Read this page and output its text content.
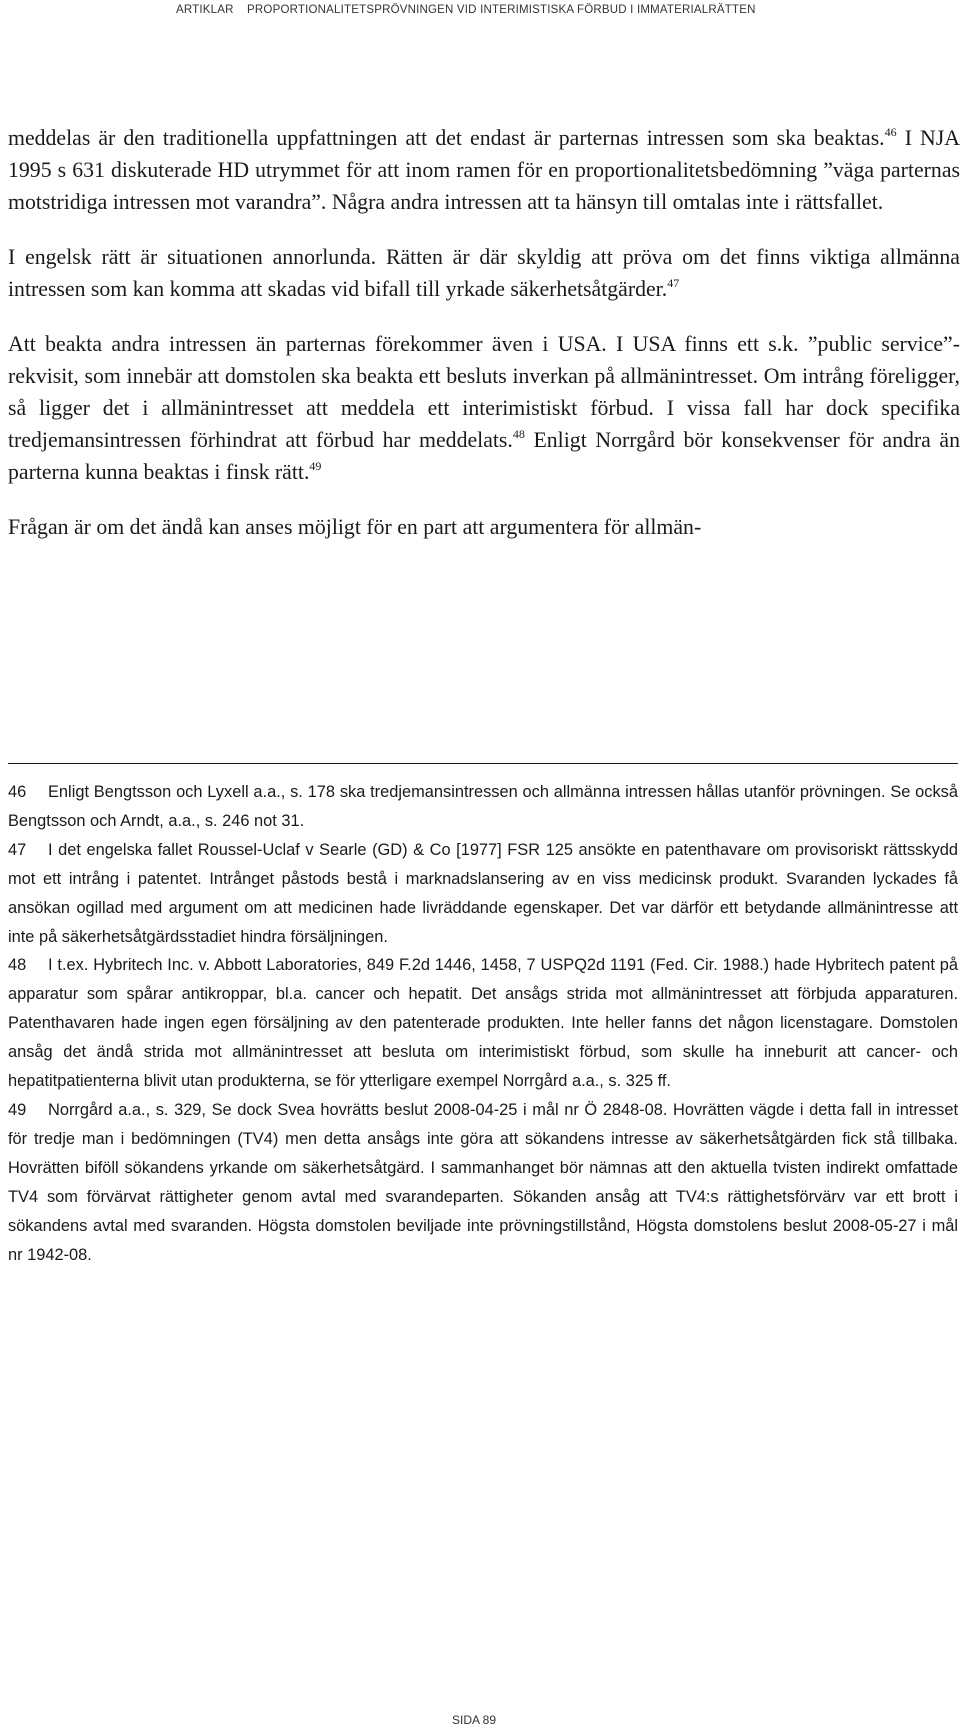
ARTIKLAR PROPORTIONALITETSPRÖVNINGEN VID INTERIMISTISKA FÖRBUD I IMMATERIALRÄTTEN

meddelas är den traditionella uppfattningen att det endast är parternas intressen som ska beaktas.$^{46}$ I NJA 1995 s 631 diskuterade HD utrymmet för att inom ramen för en proportionalitetsbedömning ”väga parternas motstridiga intressen mot varandra”. Några andra intressen att ta hänsyn till omtalas inte i rättsfallet.

I engelsk rätt är situationen annorlunda. Rätten är där skyldig att pröva om det finns viktiga allmänna intressen som kan komma att skadas vid bifall till yrkade säkerhetsåtgärder.$^{47}$

Att beakta andra intressen än parternas förekommer även i USA. I USA finns ett s.k. ”public service”-rekvisit, som innebär att domstolen ska beakta ett besluts inverkan på allmänintresset. Om intrång föreligger, så ligger det i allmänintresset att meddela ett interimistiskt förbud. I vissa fall har dock specifika tredjemansintressen förhindrat att förbud har meddelats.$^{48}$ Enligt Norrgård bör konsekvenser för andra än parterna kunna beaktas i finsk rätt.$^{49}$

Frågan är om det ändå kan anses möjligt för en part att argumentera för allmän-

46 Enligt Bengtsson och Lyxell a.a., s. 178 ska tredjemansintressen och allmänna intressen hållas utanför prövningen. Se också Bengtsson och Arndt, a.a., s. 246 not 31.

47 I det engelska fallet Roussel-Uclaf v Searle (GD) & Co [1977] FSR 125 ansökte en patenthavare om provisoriskt rättsskydd mot ett intrång i patentet. Intrånget påstods bestå i marknadslansering av en viss medicinsk produkt. Svaranden lyckades få ansökan ogillad med argument om att medicinen hade livräddande egenskaper. Det var därför ett betydande allmänintresse att inte på säkerhetsåtgärdsstadiet hindra försäljningen.

48 I t.ex. Hybritech Inc. v. Abbott Laboratories, 849 F.2d 1446, 1458, 7 USPQ2d 1191 (Fed. Cir. 1988.) hade Hybritech patent på apparatur som spårar antikroppar, bl.a. cancer och hepatit. Det ansågs strida mot allmänintresset att förbjuda apparaturen. Patenthavaren hade ingen egen försäljning av den patenterade produkten. Inte heller fanns det någon licenstagare. Domstolen ansåg det ändå strida mot allmänintresset att besluta om interimistiskt förbud, som skulle ha inneburit att cancer- och hepatitpatienterna blivit utan produkterna, se för ytterligare exempel Norrgård a.a., s. 325 ff.

49 Norrgård a.a., s. 329, Se dock Svea hovrätts beslut 2008-04-25 i mål nr Ö 2848-08. Hovrätten vägde i detta fall in intresset för tredje man i bedömningen (TV4) men detta ansågs inte göra att sökandens intresse av säkerhetsåtgärden fick stå tillbaka. Hovrätten biföll sökandens yrkande om säkerhetsåtgärd. I sammanhanget bör nämnas att den aktuella tvisten indirekt omfattade TV4 som förvärvat rättigheter genom avtal med svarandeparten. Sökanden ansåg att TV4:s rättighetsförvärv var ett brott i sökandens avtal med svaranden. Högsta domstolen beviljade inte prövningstillstånd, Högsta domstolens beslut 2008-05-27 i mål nr 1942-08.

SIDA 89
